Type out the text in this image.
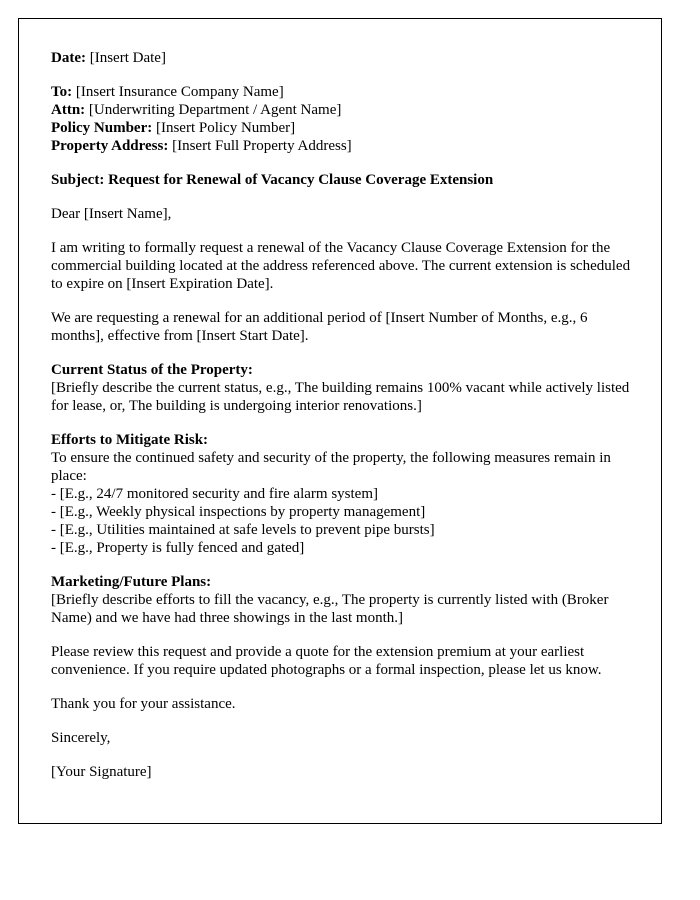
Date: [Insert Date]
To: [Insert Insurance Company Name]
Attn: [Underwriting Department / Agent Name]
Policy Number: [Insert Policy Number]
Property Address: [Insert Full Property Address]
Subject: Request for Renewal of Vacancy Clause Coverage Extension
Dear [Insert Name],
I am writing to formally request a renewal of the Vacancy Clause Coverage Extension for the commercial building located at the address referenced above. The current extension is scheduled to expire on [Insert Expiration Date].
We are requesting a renewal for an additional period of [Insert Number of Months, e.g., 6 months], effective from [Insert Start Date].
Current Status of the Property:
[Briefly describe the current status, e.g., The building remains 100% vacant while actively listed for lease, or, The building is undergoing interior renovations.]
Efforts to Mitigate Risk:
To ensure the continued safety and security of the property, the following measures remain in place:
- [E.g., 24/7 monitored security and fire alarm system]
- [E.g., Weekly physical inspections by property management]
- [E.g., Utilities maintained at safe levels to prevent pipe bursts]
- [E.g., Property is fully fenced and gated]
Marketing/Future Plans:
[Briefly describe efforts to fill the vacancy, e.g., The property is currently listed with (Broker Name) and we have had three showings in the last month.]
Please review this request and provide a quote for the extension premium at your earliest convenience. If you require updated photographs or a formal inspection, please let us know.
Thank you for your assistance.
Sincerely,
[Your Signature]
